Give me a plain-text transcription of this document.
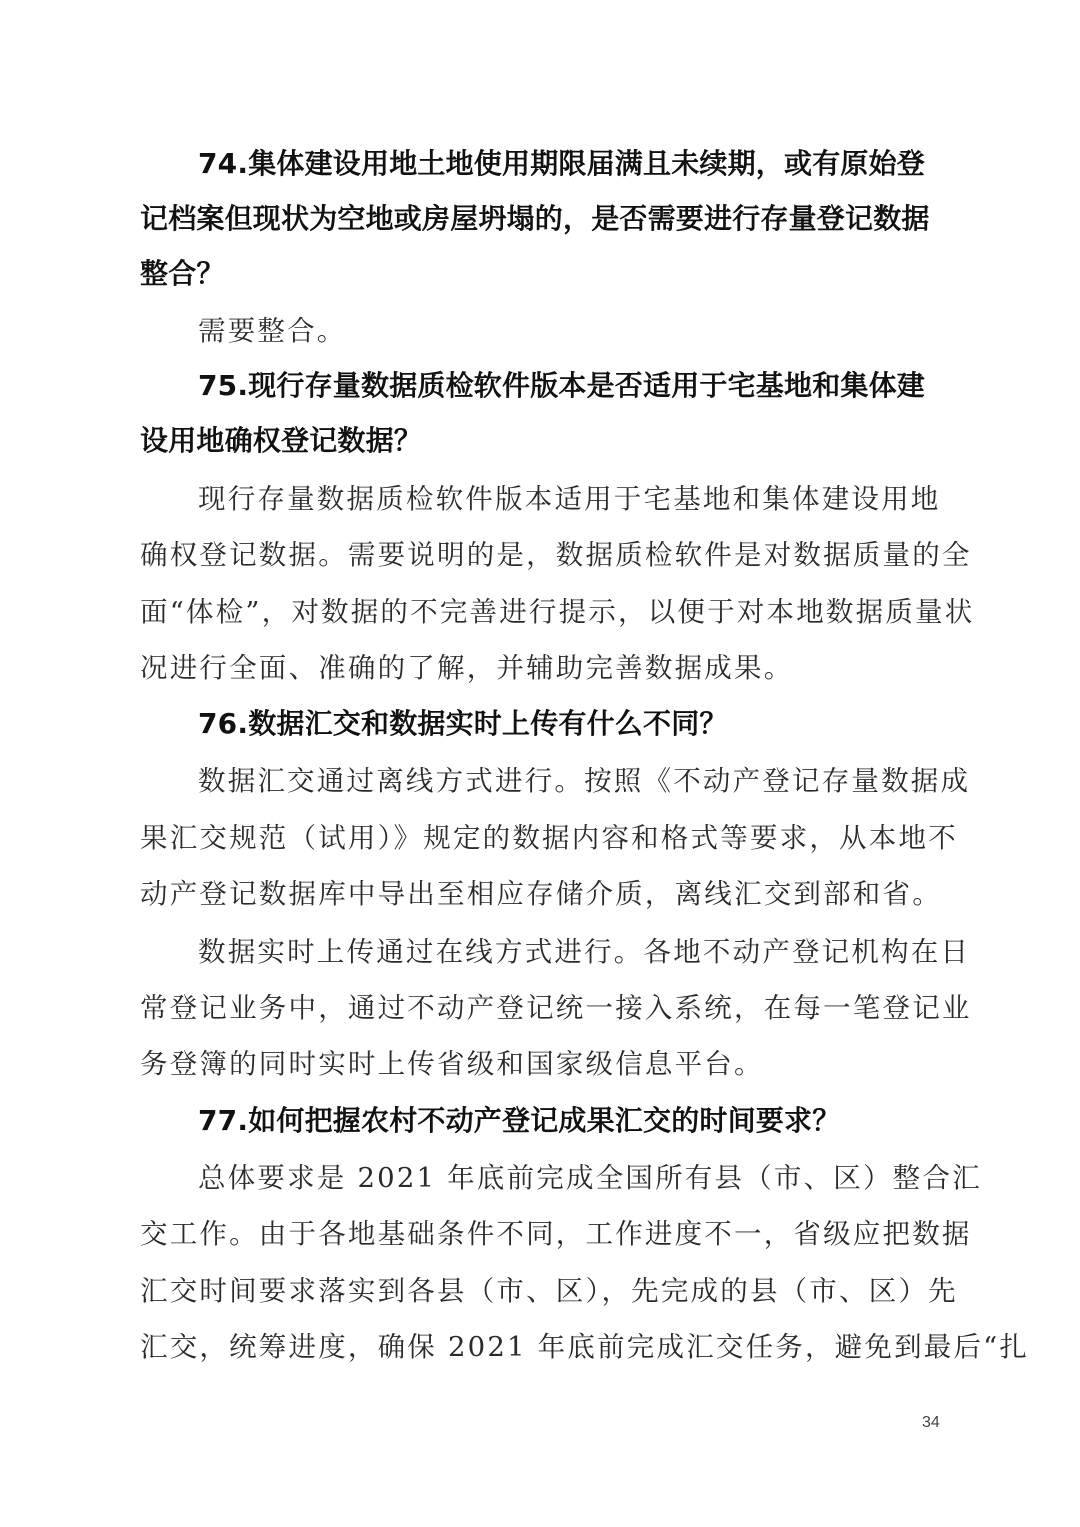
74.集体建设用地土地使用期限届满且未续期，或有原始登
记档案但现状为空地或房屋坍塌的，是否需要进行存量登记数据
整合？
需要整合。
75.现行存量数据质检软件版本是否适用于宅基地和集体建
设用地确权登记数据？
现行存量数据质检软件版本适用于宅基地和集体建设用地
确权登记数据。需要说明的是，数据质检软件是对数据质量的全
面“体检”，对数据的不完善进行提示，以便于对本地数据质量状
况进行全面、准确的了解，并辅助完善数据成果。
76.数据汇交和数据实时上传有什么不同？
数据汇交通过离线方式进行。按照《不动产登记存量数据成
果汇交规范（试用）》规定的数据内容和格式等要求，从本地不
动产登记数据库中导出至相应存储介质，离线汇交到部和省。
数据实时上传通过在线方式进行。各地不动产登记机构在日
常登记业务中，通过不动产登记统一接入系统，在每一笔登记业
务登簿的同时实时上传省级和国家级信息平台。
77.如何把握农村不动产登记成果汇交的时间要求？
总体要求是 2021 年底前完成全国所有县（市、区）整合汇
交工作。由于各地基础条件不同，工作进度不一，省级应把数据
汇交时间要求落实到各县（市、区），先完成的县（市、区）先
汇交，统筹进度，确保 2021 年底前完成汇交任务，避免到最后“扎
34
